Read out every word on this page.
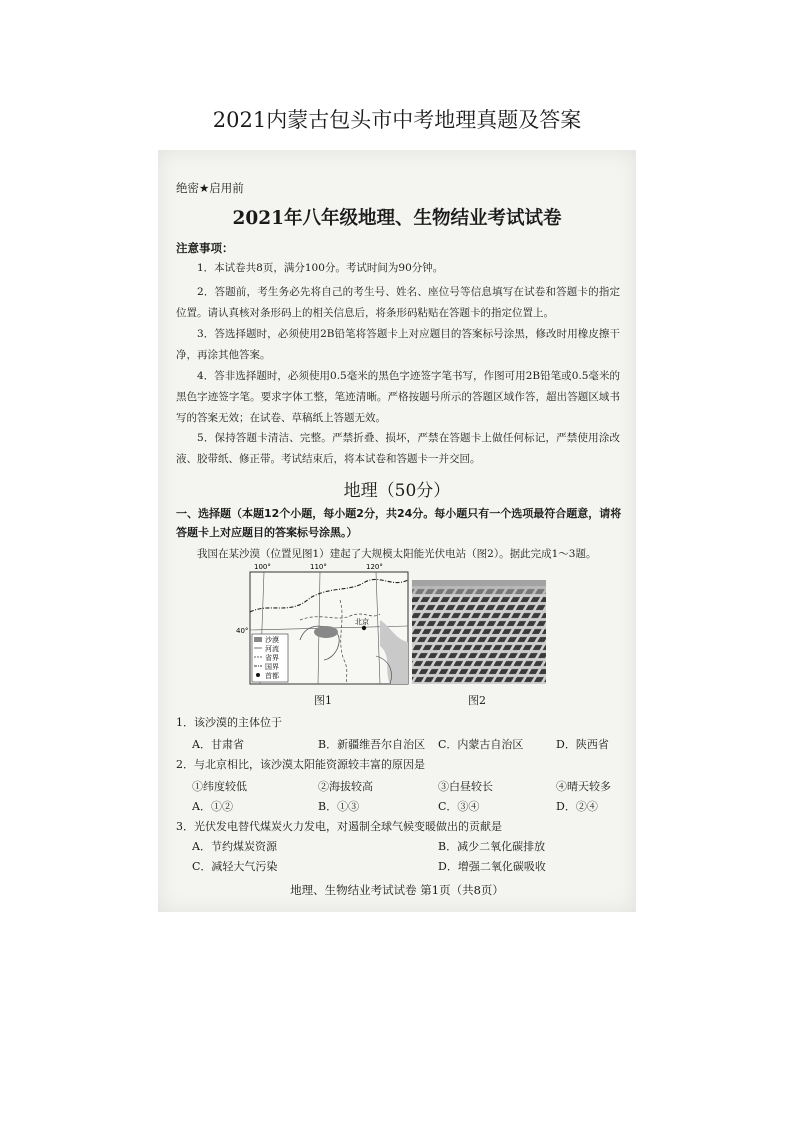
2021内蒙古包头市中考地理真题及答案
绝密★启用前
2021年八年级地理、生物结业考试试卷
注意事项：
1．本试卷共8页，满分100分。考试时间为90分钟。
2．答题前，考生务必先将自己的考生号、姓名、座位号等信息填写在试卷和答题卡的指定位置。请认真核对条形码上的相关信息后，将条形码粘贴在答题卡的指定位置上。
3．答选择题时，必须使用2B铅笔将答题卡上对应题目的答案标号涂黑，修改时用橡皮擦干净，再涂其他答案。
4．答非选择题时，必须使用0.5毫米的黑色字迹签字笔书写，作图可用2B铅笔或0.5毫米的黑色字迹签字笔。要求字体工整，笔迹清晰。严格按题号所示的答题区域作答，超出答题区域书写的答案无效；在试卷、草稿纸上答题无效。
5．保持答题卡清洁、完整。严禁折叠、损坏，严禁在答题卡上做任何标记，严禁使用涂改液、胶带纸、修正带。考试结束后，将本试卷和答题卡一并交回。
地理（50分）
一、选择题（本题12个小题，每小题2分，共24分。每小题只有一个选项最符合题意，请将答题卡上对应题目的答案标号涂黑。）
我国在某沙漠（位置见图1）建起了大规模太阳能光伏电站（图2）。据此完成1～3题。
100°	110°	120°
40°
北京
沙漠
河流
省界
国界
首都
图1	图2
1．该沙漠的主体位于
A．甘肃省	B．新疆维吾尔自治区 C．内蒙古自治区	D．陕西省
2．与北京相比，该沙漠太阳能资源较丰富的原因是
①纬度较低	②海拔较高	③白昼较长	④晴天较多
A．①②	B．①③	C．③④	D．②④
3．光伏发电替代煤炭火力发电，对遏制全球气候变暖做出的贡献是
A．节约煤炭资源	B．减少二氧化碳排放
C．减轻大气污染	D．增强二氧化碳吸收
地理、生物结业考试试卷 第1页（共8页）
